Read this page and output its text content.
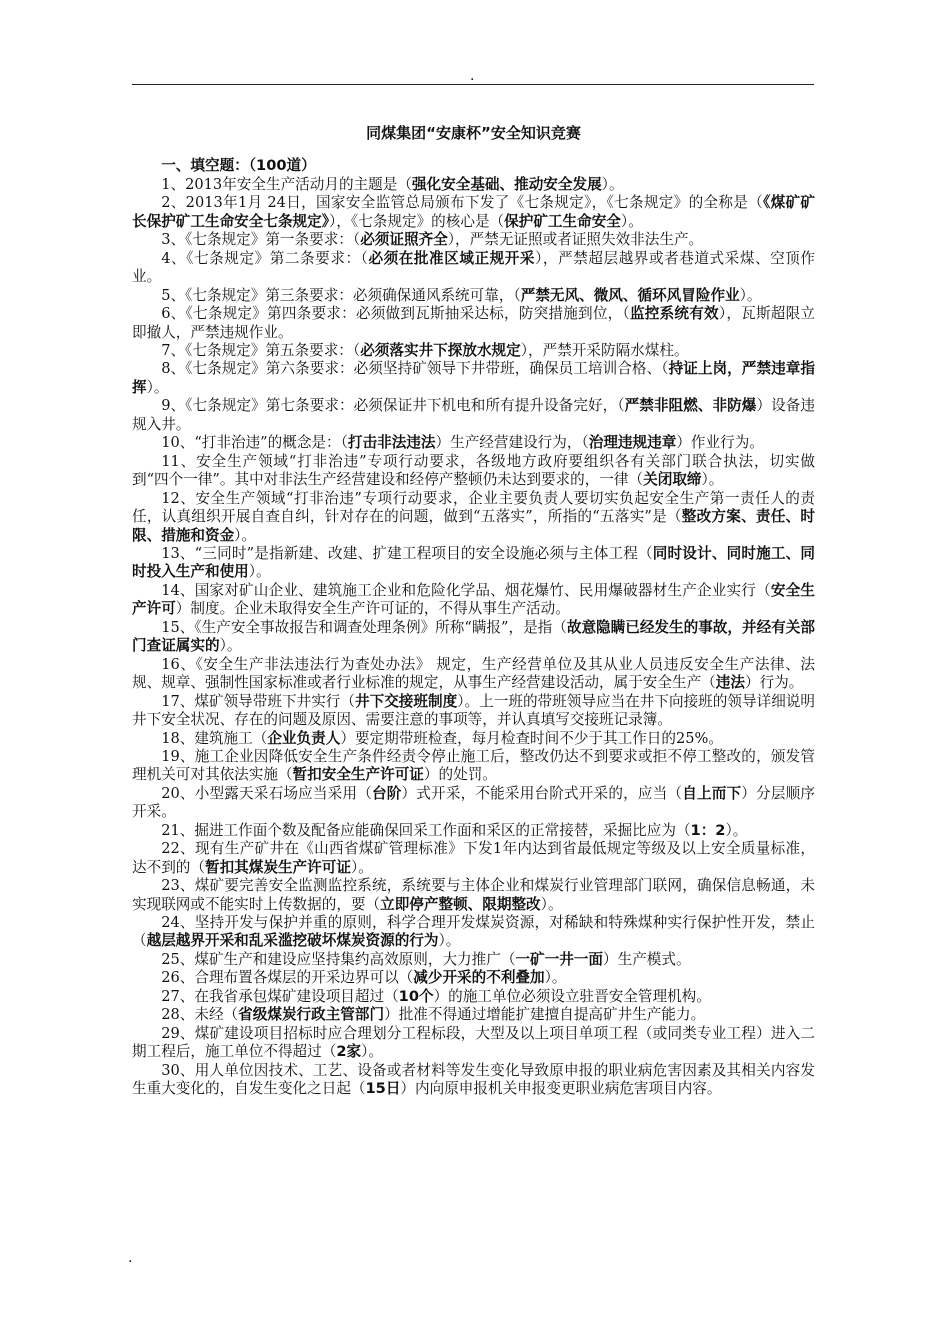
.
同煤集团“安康杯”安全知识竞赛
一、填空题：（100道）

1、2013年安全生产活动月的主题是（强化安全基础、推动安全发展）。

2、2013年1月 24日，国家安全监管总局颁布下发了《七条规定》，《七条规定》的全称是（《煤矿矿长保护矿工生命安全七条规定》），《七条规定》的核心是（保护矿工生命安全）。

3、《七条规定》第一条要求：（必须证照齐全），严禁无证照或者证照失效非法生产。

4、《七条规定》第二条要求：（必须在批准区域正规开采），严禁超层越界或者巷道式采煤、空顶作业。

5、《七条规定》第三条要求：必须确保通风系统可靠，（严禁无风、微风、循环风冒险作业）。

6、《七条规定》第四条要求：必须做到瓦斯抽采达标，防突措施到位，（监控系统有效），瓦斯超限立即撤人，严禁违规作业。

7、《七条规定》第五条要求：（必须落实井下探放水规定），严禁开采防隔水煤柱。

8、《七条规定》第六条要求：必须坚持矿领导下井带班，确保员工培训合格、（持证上岗，严禁违章指挥）。

9、《七条规定》第七条要求：必须保证井下机电和所有提升设备完好，（严禁非阻燃、非防爆）设备违规入井。

10、“打非治违”的概念是：（打击非法违法）生产经营建设行为，（治理违规违章）作业行为。

11、安全生产领域“打非治违”专项行动要求，各级地方政府要组织各有关部门联合执法，切实做到“四个一律”。其中对非法生产经营建设和经停产整顿仍未达到要求的，一律（关闭取缔）。

12、安全生产领域“打非治违”专项行动要求，企业主要负责人要切实负起安全生产第一责任人的责任，认真组织开展自查自纠，针对存在的问题，做到“五落实”，所指的“五落实”是（整改方案、责任、时限、措施和资金）。

13、“三同时”是指新建、改建、扩建工程项目的安全设施必须与主体工程（同时设计、同时施工、同时投入生产和使用）。

14、国家对矿山企业、建筑施工企业和危险化学品、烟花爆竹、民用爆破器材生产企业实行（安全生产许可）制度。企业未取得安全生产许可证的，不得从事生产活动。

15、《生产安全事故报告和调查处理条例》所称“瞒报”，是指（故意隐瞒已经发生的事故，并经有关部门查证属实的）。

16、《安全生产非法违法行为查处办法》 规定，生产经营单位及其从业人员违反安全生产法律、法规、规章、强制性国家标准或者行业标准的规定，从事生产经营建设活动，属于安全生产（违法）行为。

17、煤矿领导带班下井实行（井下交接班制度）。上一班的带班领导应当在井下向接班的领导详细说明井下安全状况、存在的问题及原因、需要注意的事项等，并认真填写交接班记录簿。

18、建筑施工（企业负责人）要定期带班检查，每月检查时间不少于其工作日的25%。

19、施工企业因降低安全生产条件经责令停止施工后，整改仍达不到要求或拒不停工整改的，颁发管理机关可对其依法实施（暂扣安全生产许可证）的处罚。

20、小型露天采石场应当采用（台阶）式开采，不能采用台阶式开采的，应当（自上而下）分层顺序开采。

21、掘进工作面个数及配备应能确保回采工作面和采区的正常接替，采掘比应为（1：2）。

22、现有生产矿井在《山西省煤矿管理标准》下发1年内达到省最低规定等级及以上安全质量标准，达不到的（暂扣其煤炭生产许可证）。

23、煤矿要完善安全监测监控系统，系统要与主体企业和煤炭行业管理部门联网，确保信息畅通，未实现联网或不能实时上传数据的，要（立即停产整顿、限期整改）。

24、坚持开发与保护并重的原则，科学合理开发煤炭资源，对稀缺和特殊煤种实行保护性开发，禁止（越层越界开采和乱采滥挖破坏煤炭资源的行为）。

25、煤矿生产和建设应坚持集约高效原则，大力推广（一矿一井一面）生产模式。

26、合理布置各煤层的开采边界可以（减少开采的不利叠加）。

27、在我省承包煤矿建设项目超过（10个）的施工单位必须设立驻晋安全管理机构。

28、未经（省级煤炭行政主管部门）批准不得通过增能扩建擅自提高矿井生产能力。

29、煤矿建设项目招标时应合理划分工程标段，大型及以上项目单项工程（或同类专业工程）进入二期工程后，施工单位不得超过（2家）。

30、用人单位因技术、工艺、设备或者材料等发生变化导致原申报的职业病危害因素及其相关内容发生重大变化的，自发生变化之日起（15日）内向原申报机关申报变更职业病危害项目内容。

.
